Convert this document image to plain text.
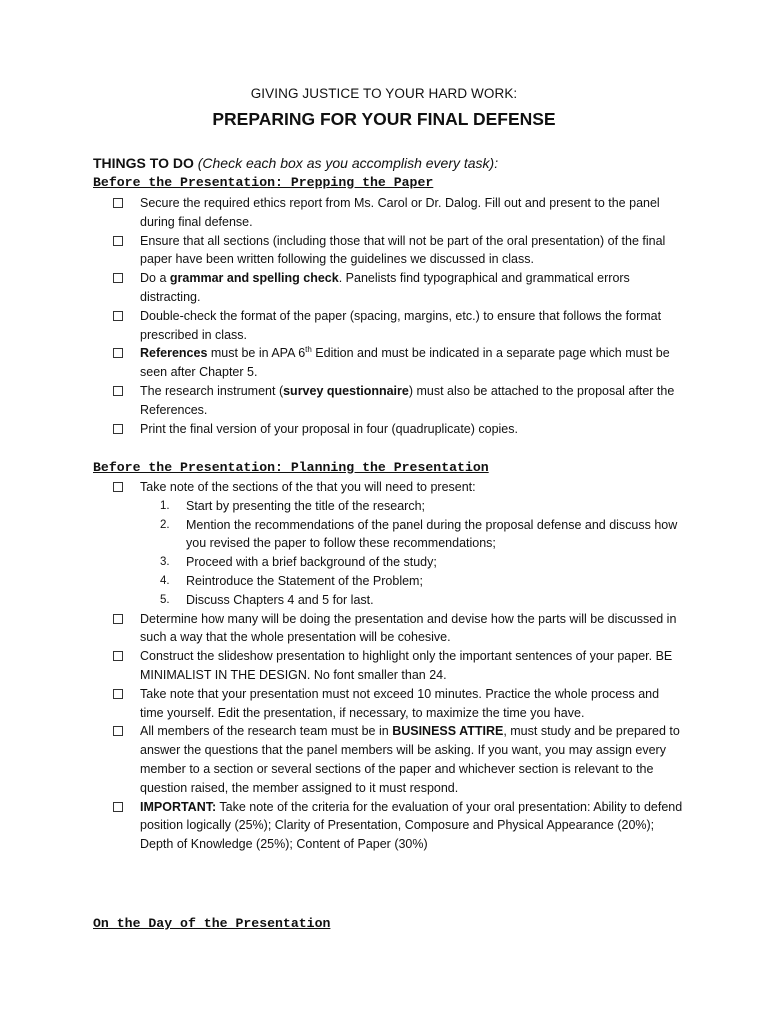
GIVING JUSTICE TO YOUR HARD WORK:
PREPARING FOR YOUR FINAL DEFENSE
THINGS TO DO (Check each box as you accomplish every task):
Before the Presentation: Prepping the Paper
Secure the required ethics report from Ms. Carol or Dr. Dalog. Fill out and present to the panel during final defense.
Ensure that all sections (including those that will not be part of the oral presentation) of the final paper have been written following the guidelines we discussed in class.
Do a grammar and spelling check. Panelists find typographical and grammatical errors distracting.
Double-check the format of the paper (spacing, margins, etc.) to ensure that follows the format prescribed in class.
References must be in APA 6th Edition and must be indicated in a separate page which must be seen after Chapter 5.
The research instrument (survey questionnaire) must also be attached to the proposal after the References.
Print the final version of your proposal in four (quadruplicate) copies.
Before the Presentation: Planning the Presentation
Take note of the sections of the that you will need to present:
1. Start by presenting the title of the research;
2. Mention the recommendations of the panel during the proposal defense and discuss how you revised the paper to follow these recommendations;
3. Proceed with a brief background of the study;
4. Reintroduce the Statement of the Problem;
5. Discuss Chapters 4 and 5 for last.
Determine how many will be doing the presentation and devise how the parts will be discussed in such a way that the whole presentation will be cohesive.
Construct the slideshow presentation to highlight only the important sentences of your paper. BE MINIMALIST IN THE DESIGN. No font smaller than 24.
Take note that your presentation must not exceed 10 minutes. Practice the whole process and time yourself. Edit the presentation, if necessary, to maximize the time you have.
All members of the research team must be in BUSINESS ATTIRE, must study and be prepared to answer the questions that the panel members will be asking. If you want, you may assign every member to a section or several sections of the paper and whichever section is relevant to the question raised, the member assigned to it must respond.
IMPORTANT: Take note of the criteria for the evaluation of your oral presentation: Ability to defend position logically (25%); Clarity of Presentation, Composure and Physical Appearance (20%); Depth of Knowledge (25%); Content of Paper (30%)
On the Day of the Presentation
